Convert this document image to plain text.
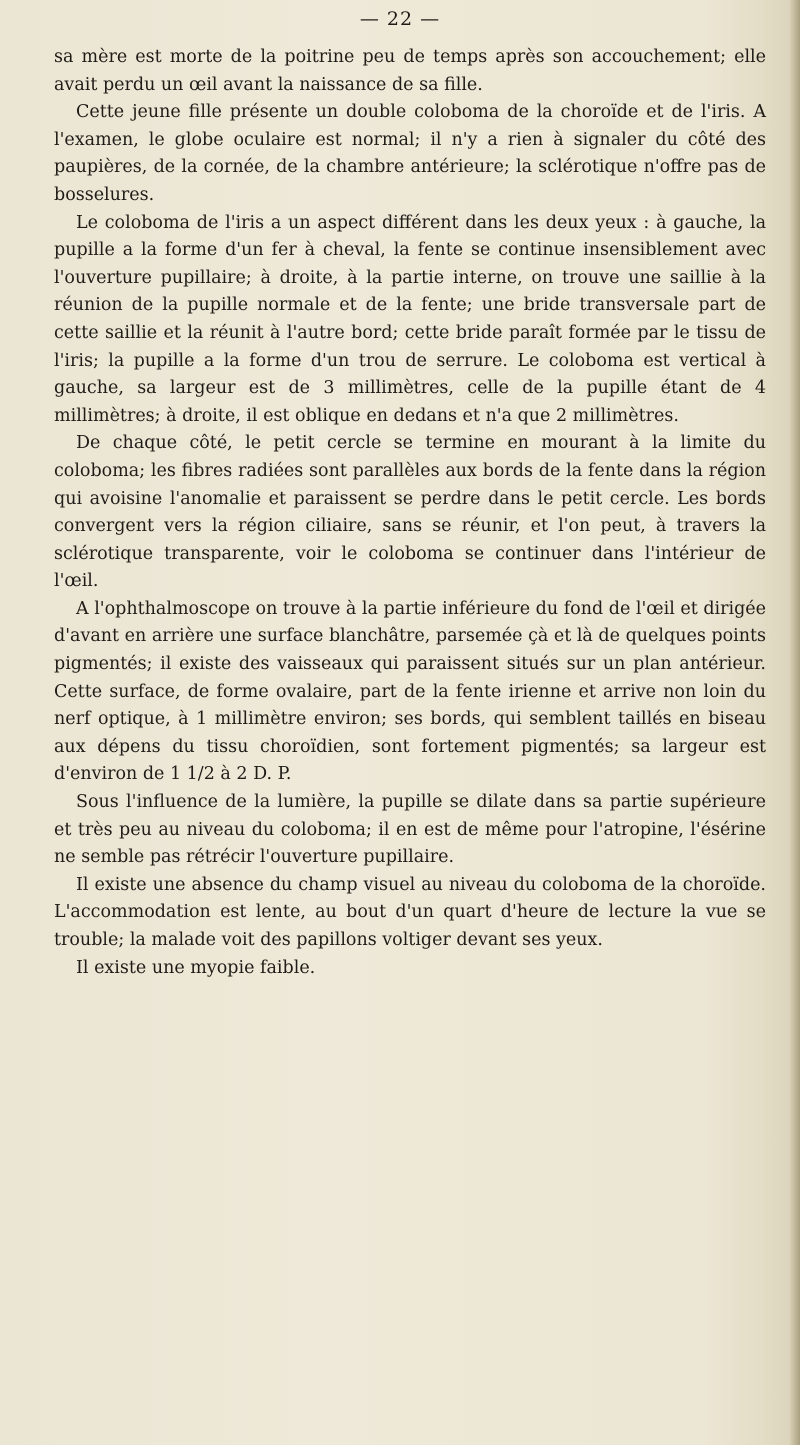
— 22 —

sa mère est morte de la poitrine peu de temps après son accouchement; elle avait perdu un œil avant la naissance de sa fille.

Cette jeune fille présente un double coloboma de la choroïde et de l'iris. A l'examen, le globe oculaire est normal; il n'y a rien à signaler du côté des paupières, de la cornée, de la chambre antérieure; la sclérotique n'offre pas de bosselures.

Le coloboma de l'iris a un aspect différent dans les deux yeux : à gauche, la pupille a la forme d'un fer à cheval, la fente se continue insensiblement avec l'ouverture pupillaire; à droite, à la partie interne, on trouve une saillie à la réunion de la pupille normale et de la fente; une bride transversale part de cette saillie et la réunit à l'autre bord; cette bride paraît formée par le tissu de l'iris; la pupille a la forme d'un trou de serrure. Le coloboma est vertical à gauche, sa largeur est de 3 millimètres, celle de la pupille étant de 4 millimètres; à droite, il est oblique en dedans et n'a que 2 millimètres.

De chaque côté, le petit cercle se termine en mourant à la limite du coloboma; les fibres radiées sont parallèles aux bords de la fente dans la région qui avoisine l'anomalie et paraissent se perdre dans le petit cercle. Les bords convergent vers la région ciliaire, sans se réunir, et l'on peut, à travers la sclérotique transparente, voir le coloboma se continuer dans l'intérieur de l'œil.

A l'ophthalmoscope on trouve à la partie inférieure du fond de l'œil et dirigée d'avant en arrière une surface blanchâtre, parsemée çà et là de quelques points pigmentés; il existe des vaisseaux qui paraissent situés sur un plan antérieur. Cette surface, de forme ovalaire, part de la fente irienne et arrive non loin du nerf optique, à 1 millimètre environ; ses bords, qui semblent taillés en biseau aux dépens du tissu choroïdien, sont fortement pigmentés; sa largeur est d'environ de 1 1/2 à 2 D. P.

Sous l'influence de la lumière, la pupille se dilate dans sa partie supérieure et très peu au niveau du coloboma; il en est de même pour l'atropine, l'ésérine ne semble pas rétrécir l'ouverture pupillaire.

Il existe une absence du champ visuel au niveau du coloboma de la choroïde. L'accommodation est lente, au bout d'un quart d'heure de lecture la vue se trouble; la malade voit des papillons voltiger devant ses yeux.

Il existe une myopie faible.
